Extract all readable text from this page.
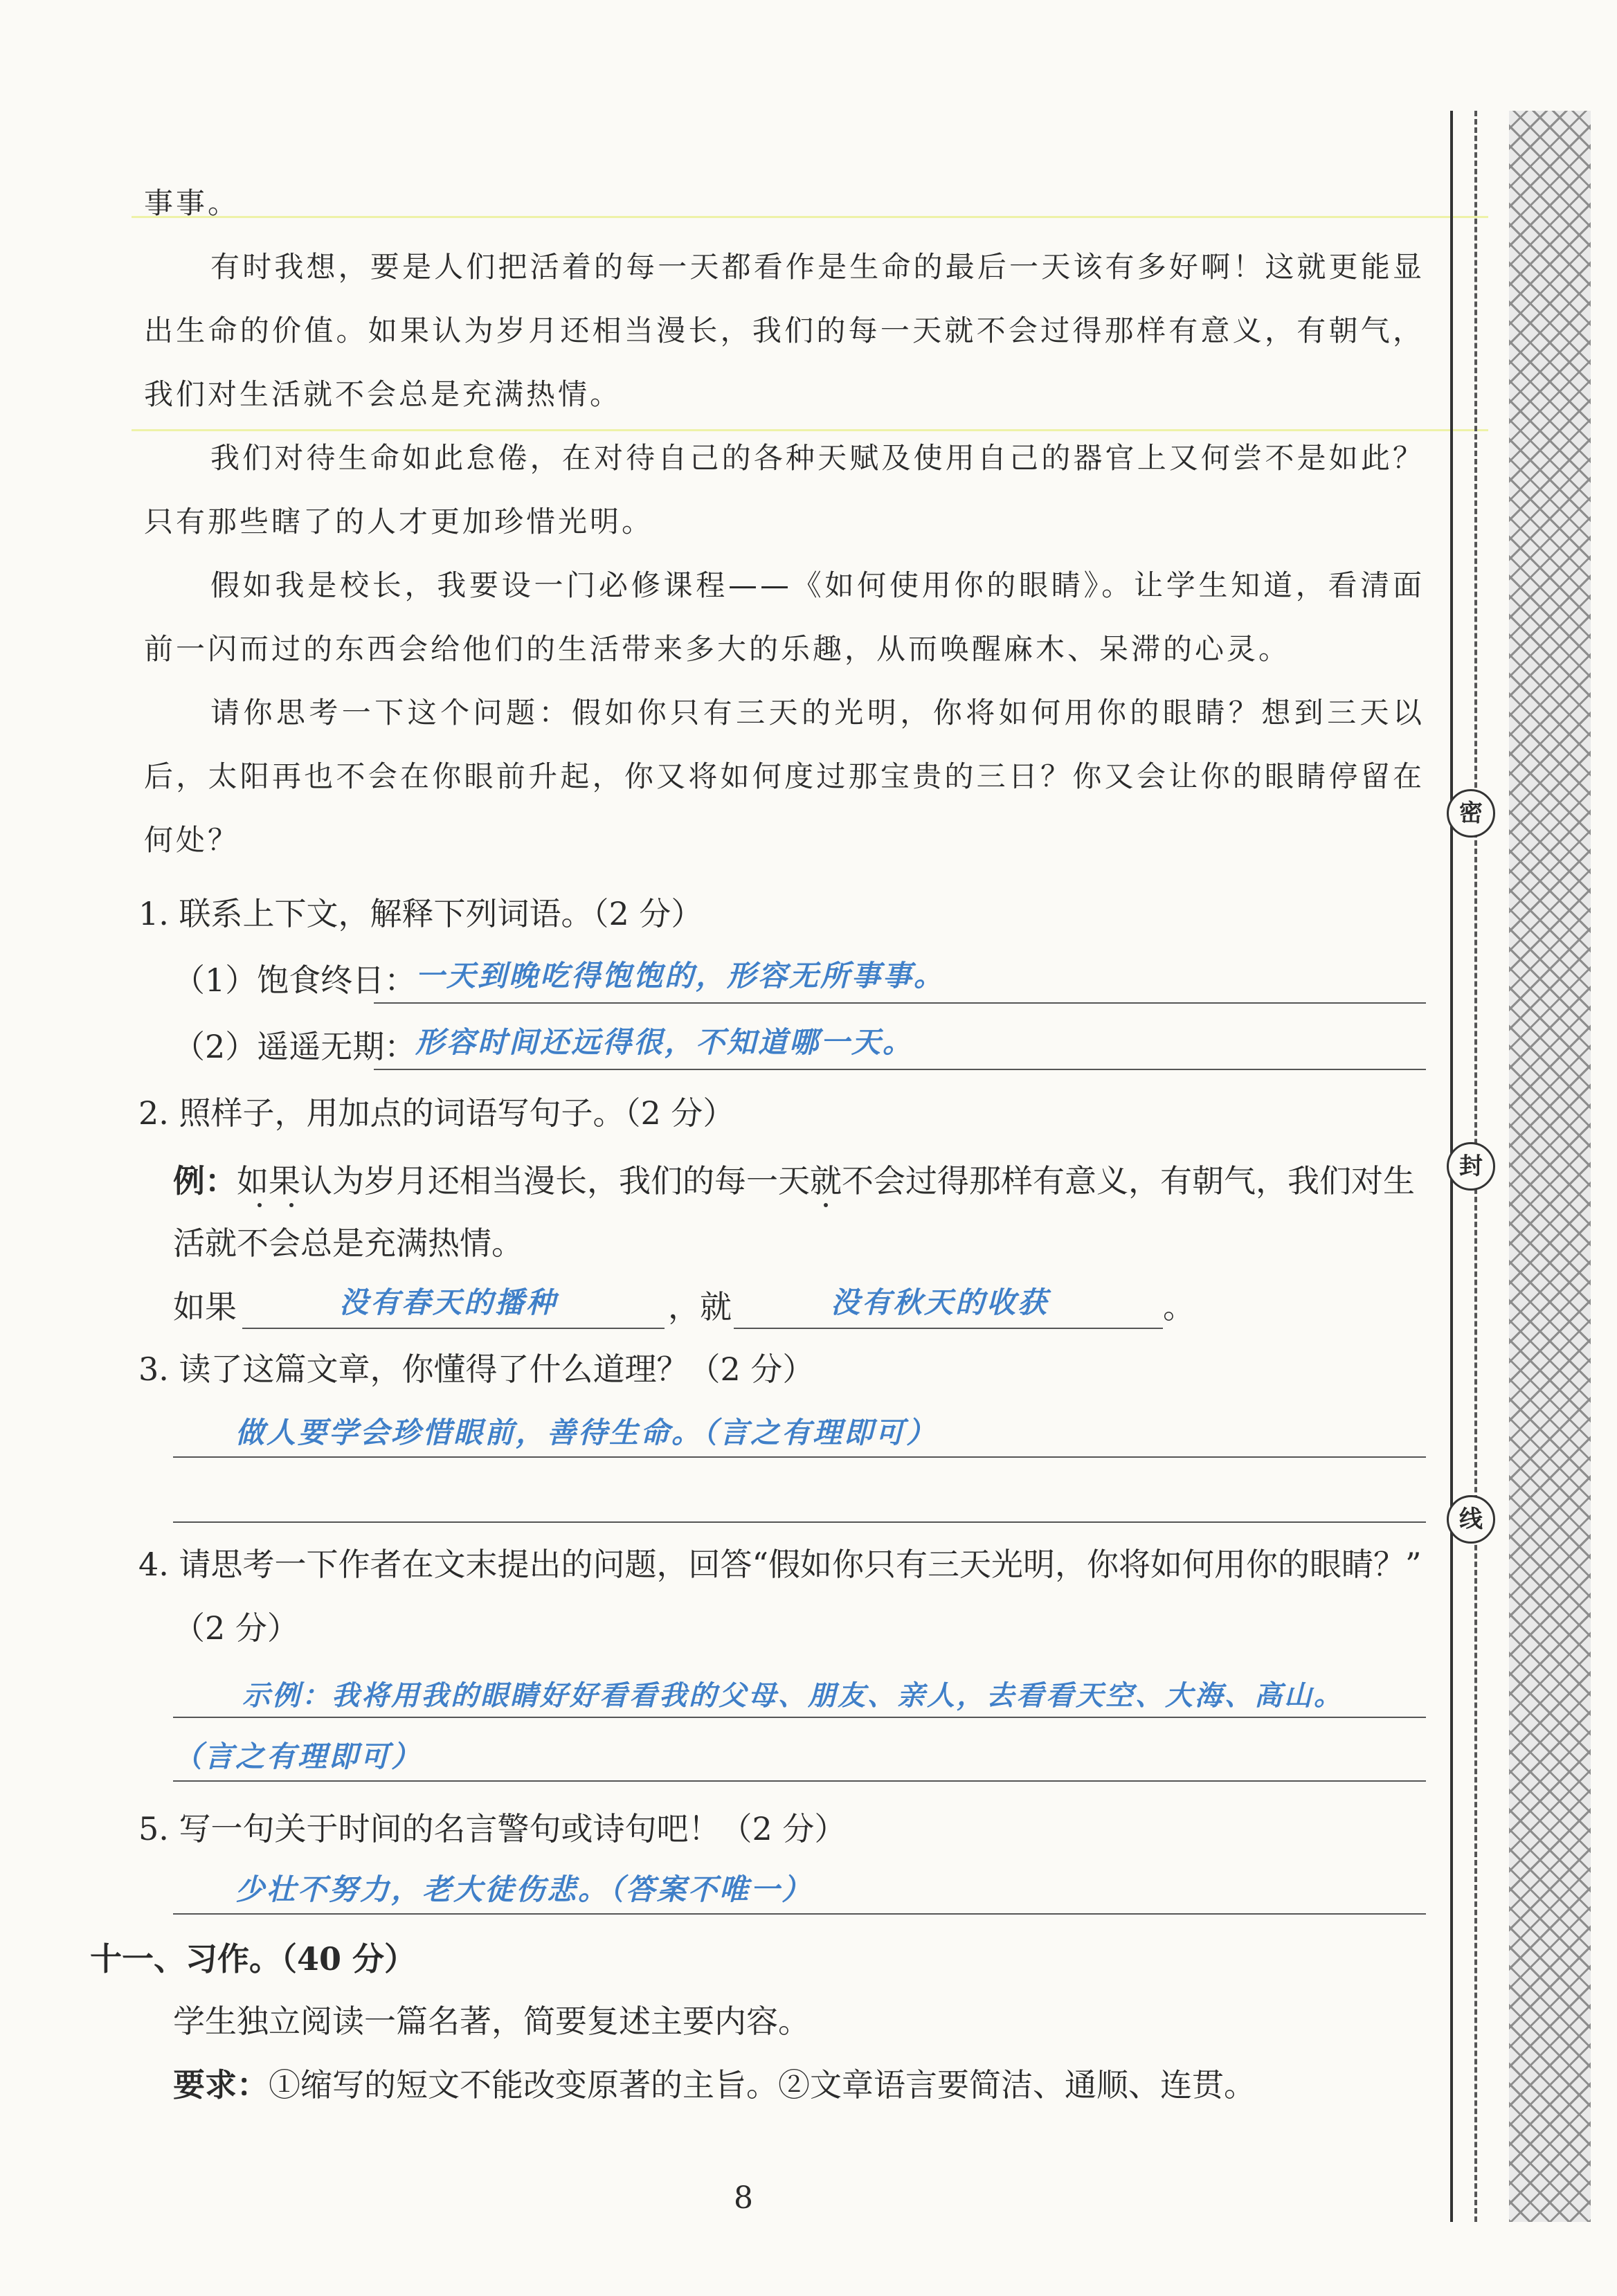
事事。
有时我想，要是人们把活着的每一天都看作是生命的最后一天该有多好啊！这就更能显出生命的价值。如果认为岁月还相当漫长，我们的每一天就不会过得那样有意义，有朝气，我们对生活就不会总是充满热情。
我们对待生命如此怠倦，在对待自己的各种天赋及使用自己的器官上又何尝不是如此？只有那些瞎了的人才更加珍惜光明。
假如我是校长，我要设一门必修课程——《如何使用你的眼睛》。让学生知道，看清面前一闪而过的东西会给他们的生活带来多大的乐趣，从而唤醒麻木、呆滞的心灵。
请你思考一下这个问题：假如你只有三天的光明，你将如何用你的眼睛？想到三天以后，太阳再也不会在你眼前升起，你又将如何度过那宝贵的三日？你又会让你的眼睛停留在何处？
1. 联系上下文，解释下列词语。（2 分）
（1）饱食终日：
一天到晚吃得饱饱的，形容无所事事。
（2）遥遥无期：
形容时间还远得很，不知道哪一天。
2. 照样子，用加点的词语写句子。（2 分）
例：如果认为岁月还相当漫长，我们的每一天就不会过得那样有意义，有朝气，我们对生
活就不会总是充满热情。
如果	没有春天的播种	，就	没有秋天的收获	。
3. 读了这篇文章，你懂得了什么道理？（2 分）
做人要学会珍惜眼前，善待生命。（言之有理即可）
4. 请思考一下作者在文末提出的问题，回答“假如你只有三天光明，你将如何用你的眼睛？”
（2 分）
示例：我将用我的眼睛好好看看我的父母、朋友、亲人，去看看天空、大海、高山。
（言之有理即可）
5. 写一句关于时间的名言警句或诗句吧！（2 分）
少壮不努力，老大徒伤悲。（答案不唯一）
十一、习作。（40 分）
学生独立阅读一篇名著，简要复述主要内容。
要求：①缩写的短文不能改变原著的主旨。②文章语言要简洁、通顺、连贯。
密
封
线
8
